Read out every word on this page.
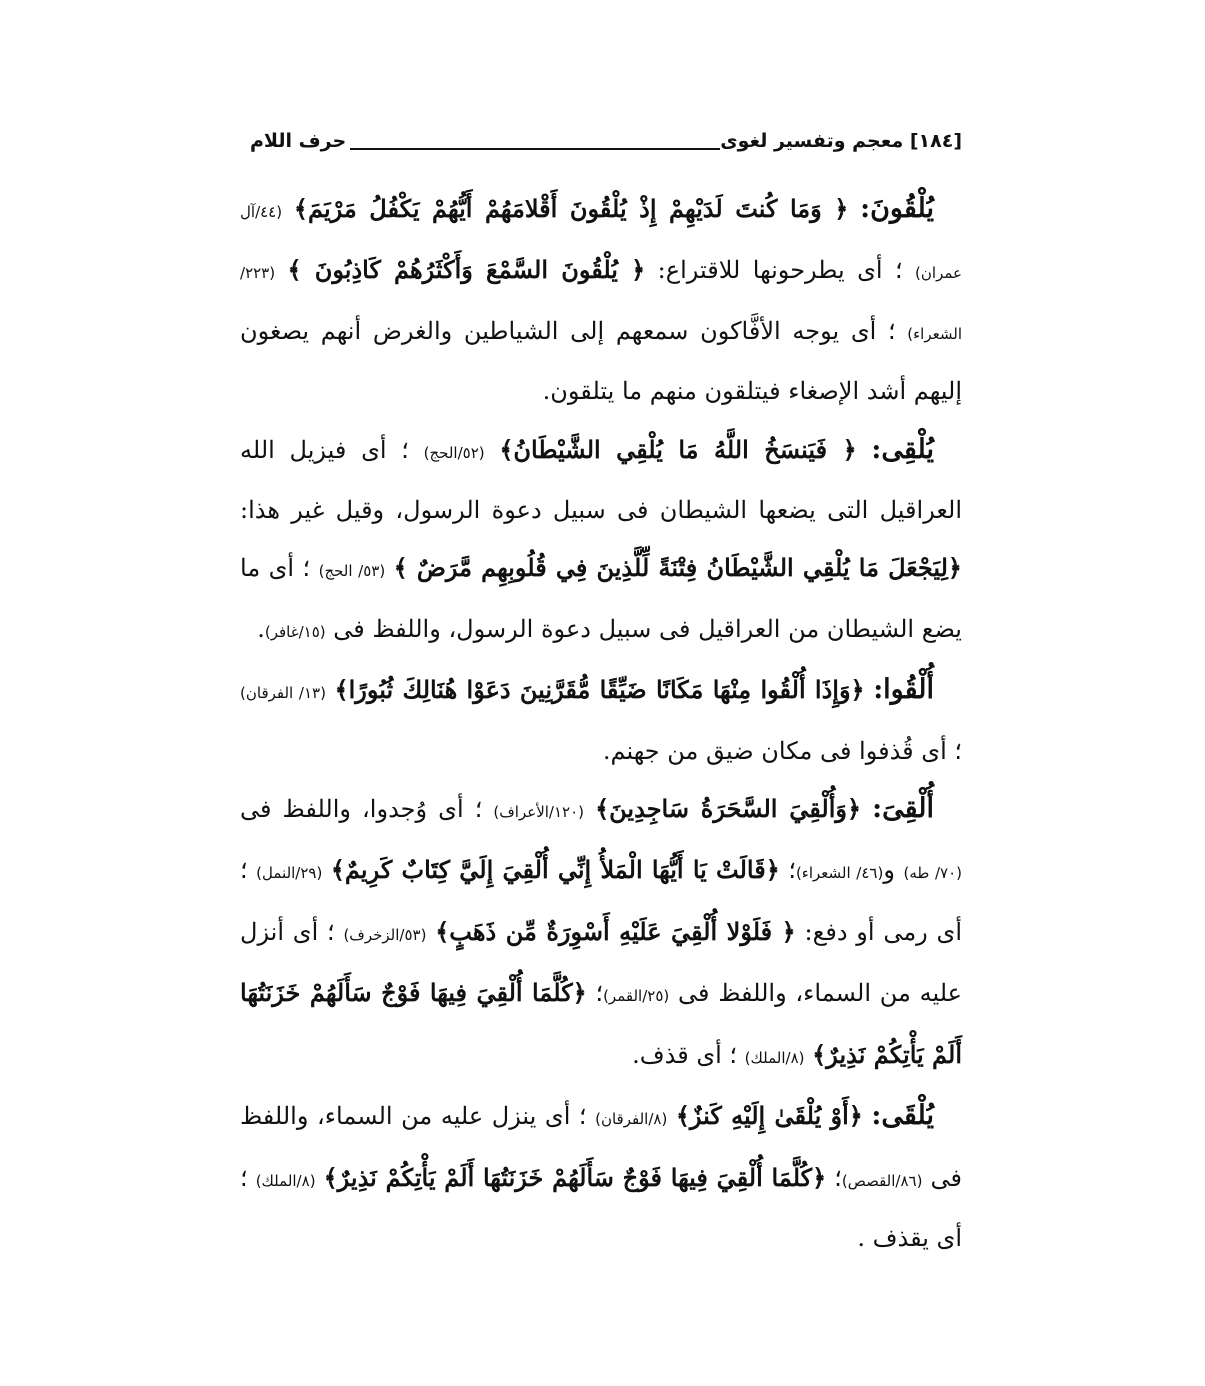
[١٨٤] معجم وتفسير لغوى
حرف اللام

يُلْقُونَ: ﴿ وَمَا كُنتَ لَدَيْهِمْ إِذْ يُلْقُونَ أَقْلامَهُمْ أَيُّهُمْ يَكْفُلُ مَرْيَمَ﴾ (٤٤/آل عمران) ؛ أى يطرحونها للاقتراع: ﴿ يُلْقُونَ السَّمْعَ وَأَكْثَرُهُمْ كَاذِبُونَ ﴾ (٢٢٣/الشعراء) ؛ أى يوجه الأفَّاكون سمعهم إلى الشياطين والغرض أنهم يصغون إليهم أشد الإصغاء فيتلقون منهم ما يتلقون.

يُلْقِى: ﴿ فَيَنسَخُ اللَّهُ مَا يُلْقِي الشَّيْطَانُ﴾ (٥٢/الحج) ؛ أى فيزيل الله العراقيل التى يضعها الشيطان فى سبيل دعوة الرسول، وقيل غير هذا: ﴿لِيَجْعَلَ مَا يُلْقِي الشَّيْطَانُ فِتْنَةً لِّلَّذِينَ فِي قُلُوبِهِم مَّرَضٌ ﴾ (٥٣/ الحج) ؛ أى ما يضع الشيطان من العراقيل فى سبيل دعوة الرسول، واللفظ فى (١٥/غافر).

أُلْقُوا: ﴿وَإِذَا أُلْقُوا مِنْهَا مَكَانًا ضَيِّقًا مُّقَرَّنِينَ دَعَوْا هُنَالِكَ ثُبُورًا﴾ (١٣/ الفرقان) ؛ أى قُذفوا فى مكان ضيق من جهنم.

أُلْقِىَ: ﴿وَأُلْقِيَ السَّحَرَةُ سَاجِدِينَ﴾ (١٢٠/الأعراف) ؛ أى وُجدوا، واللفظ فى (٧٠/ طه) و(٤٦/ الشعراء)؛ ﴿قَالَتْ يَا أَيُّهَا الْمَلأُ إِنِّي أُلْقِيَ إِلَيَّ كِتَابٌ كَرِيمٌ﴾ (٢٩/النمل) ؛ أى رمى أو دفع: ﴿ فَلَوْلا أُلْقِيَ عَلَيْهِ أَسْوِرَةٌ مِّن ذَهَبٍ﴾ (٥٣/الزخرف) ؛ أى أنزل عليه من السماء، واللفظ فى (٢٥/القمر)؛ ﴿كُلَّمَا أُلْقِيَ فِيهَا فَوْجٌ سَأَلَهُمْ خَزَنَتُهَا أَلَمْ يَأْتِكُمْ نَذِيرٌ﴾ (٨/الملك) ؛ أى قذف.

يُلْقَى: ﴿أَوْ يُلْقَىٰ إِلَيْهِ كَنزٌ﴾ (٨/الفرقان) ؛ أى ينزل عليه من السماء، واللفظ فى (٨٦/القصص)؛ ﴿كُلَّمَا أُلْقِيَ فِيهَا فَوْجٌ سَأَلَهُمْ خَزَنَتُهَا أَلَمْ يَأْتِكُمْ نَذِيرٌ﴾ (٨/الملك) ؛ أى يقذف .
